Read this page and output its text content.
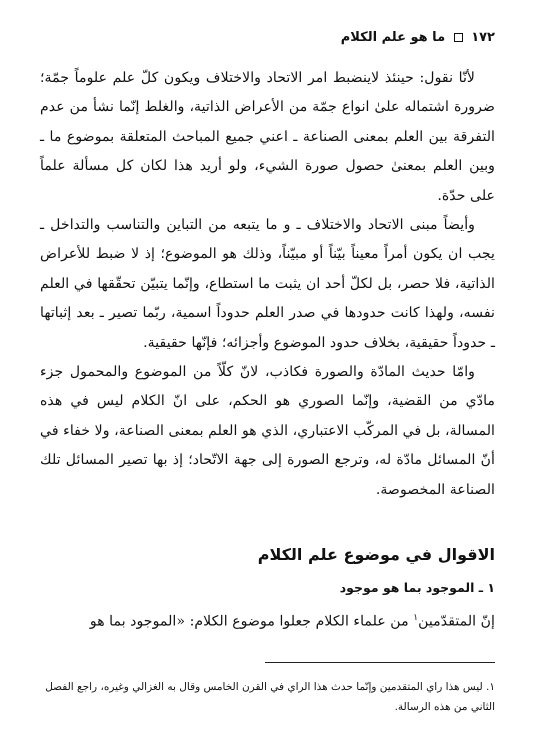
١٧٢  ما هو علم الكلام

لأنّا نقول: حينئذ لاينضبط امر الاتحاد والاختلاف ويكون كلّ علم علوماً جمّة؛ ضرورة اشتماله علىٰ انواع جمّة من الأعراض الذاتية، والغلط إنّما نشأ من عدم التفرقة بين العلم بمعنى الصناعة ـ اعني جميع المباحث المتعلقة بموضوع ما ـ وبين العلم بمعنىٰ حصول صورة الشيء، ولو أريد هذا لكان كل مسألة علماً على حدّة.

وأيضاً مبنى الاتحاد والاختلاف ـ و ما يتبعه من التباين والتناسب والتداخل ـ يجب ان يكون أمراً معيناً بيّناً أو مبيّناً، وذلك هو الموضوع؛ إذ لا ضبط للأعراض الذاتية، فلا حصر، بل لكلّ أحد ان يثبت ما استطاع، وإنّما يتبيّن تحقّقها في العلم نفسه، ولهذا كانت حدودها في صدر العلم حدوداً اسمية، ربّما تصير ـ بعد إثباتها ـ حدوداً حقيقية، بخلاف حدود الموضوع وأجزائه؛ فإنّها حقيقية.

وامّا حديث المادّة والصورة فكاذب، لانّ كلّاً من الموضوع والمحمول جزء مادّي من القضية، وإنّما الصوري هو الحكم، على انّ الكلام ليس في هذه المسالة، بل في المركّب الاعتباري، الذي هو العلم بمعنى الصناعة، ولا خفاء في أنّ المسائل مادّة له، وترجع الصورة إلى جهة الاتّحاد؛ إذ بها تصير المسائل تلك الصناعة المخصوصة.

الاقوال في موضوع علم الكلام
١ ـ الموجود بما هو موجود
إنّ المتقدّمين$^١$ من علماء الكلام جعلوا موضوع الكلام: «الموجود بما هو
١. ليس هذا راي المتقدمين وإنّما حدث هذا الراي في القرن الخامس وقال به الغزالي وغيره، راجع الفصل الثاني من هذه الرسالة.
